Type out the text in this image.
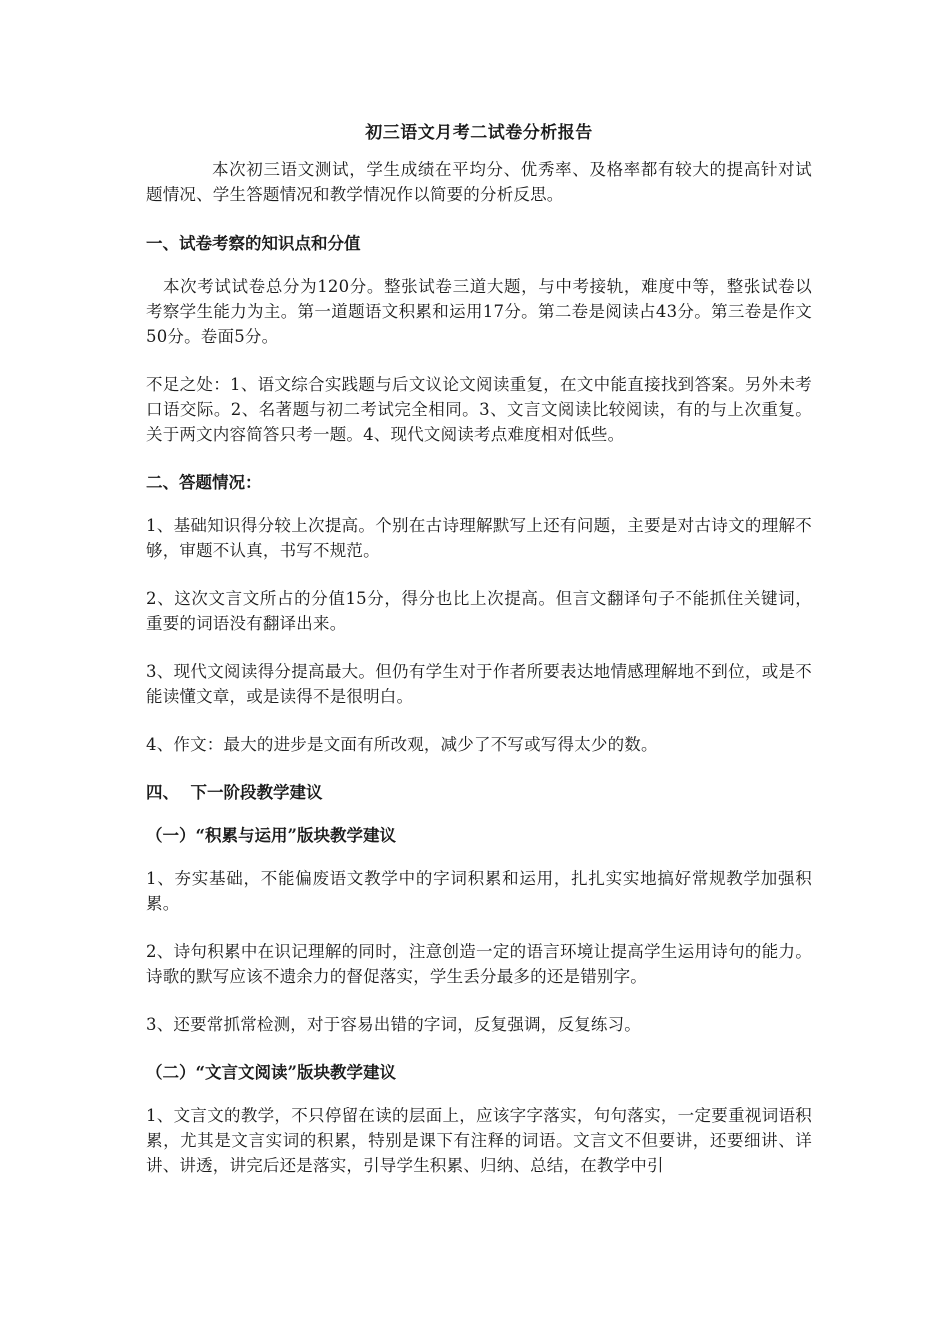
初三语文月考二试卷分析报告

本次初三语文测试，学生成绩在平均分、优秀率、及格率都有较大的提高针对试题情况、学生答题情况和教学情况作以简要的分析反思。

一、试卷考察的知识点和分值

本次考试试卷总分为120分。整张试卷三道大题，与中考接轨，难度中等，整张试卷以考察学生能力为主。第一道题语文积累和运用17分。第二卷是阅读占43分。第三卷是作文50分。卷面5分。

不足之处：1、语文综合实践题与后文议论文阅读重复，在文中能直接找到答案。另外未考口语交际。2、名著题与初二考试完全相同。3、文言文阅读比较阅读，有的与上次重复。关于两文内容简答只考一题。4、现代文阅读考点难度相对低些。

二、答题情况：

1、基础知识得分较上次提高。个别在古诗理解默写上还有问题，主要是对古诗文的理解不够，审题不认真，书写不规范。

2、这次文言文所占的分值15分，得分也比上次提高。但言文翻译句子不能抓住关键词，重要的词语没有翻译出来。

3、现代文阅读得分提高最大。但仍有学生对于作者所要表达地情感理解地不到位，或是不能读懂文章，或是读得不是很明白。

4、作文：最大的进步是文面有所改观，减少了不写或写得太少的数。

四、  下一阶段教学建议
（一）“积累与运用”版块教学建议

1、夯实基础，不能偏废语文教学中的字词积累和运用，扎扎实实地搞好常规教学加强积累。

2、诗句积累中在识记理解的同时，注意创造一定的语言环境让提高学生运用诗句的能力。诗歌的默写应该不遗余力的督促落实，学生丢分最多的还是错别字。

3、还要常抓常检测，对于容易出错的字词，反复强调，反复练习。

（二）“文言文阅读”版块教学建议

1、文言文的教学，不只停留在读的层面上，应该字字落实，句句落实，一定要重视词语积累，尤其是文言实词的积累，特别是课下有注释的词语。文言文不但要讲，还要细讲、详讲、讲透，讲完后还是落实，引导学生积累、归纳、总结，在教学中引
